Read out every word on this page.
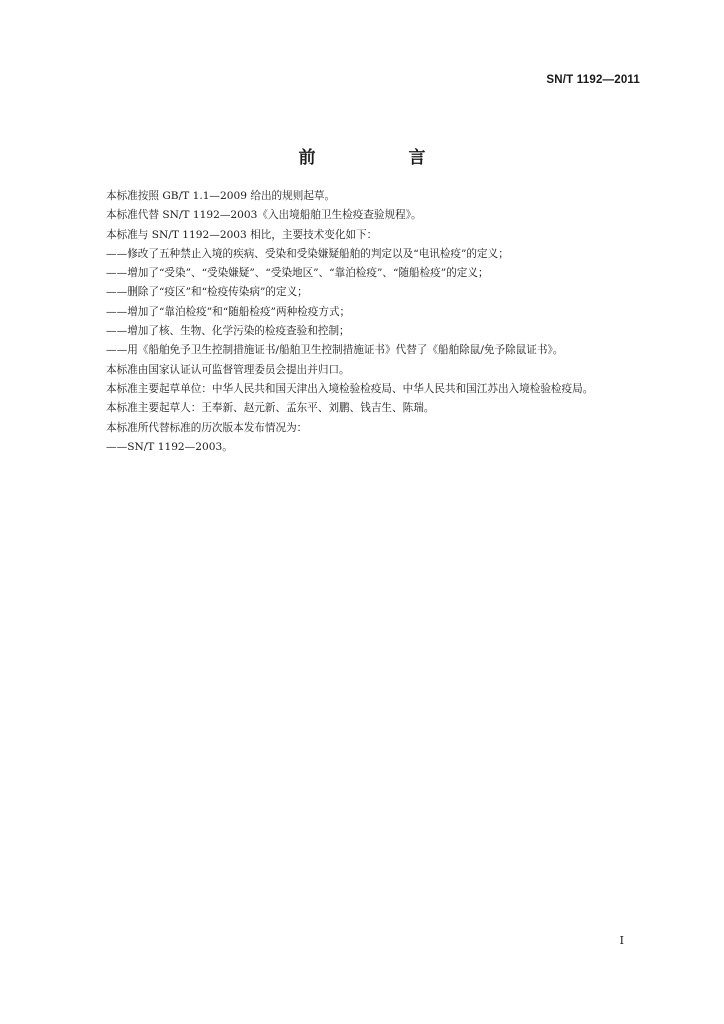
SN/T 1192—2011
前　言

本标准按照 GB/T 1.1—2009 给出的规则起草。

本标准代替 SN/T 1192—2003《入出境船舶卫生检疫查验规程》。

本标准与 SN/T 1192—2003 相比，主要技术变化如下：

——修改了五种禁止入境的疾病、受染和受染嫌疑船舶的判定以及“电讯检疫”的定义；

——增加了“受染”、“受染嫌疑”、“受染地区”、“靠泊检疫”、“随船检疫”的定义；

——删除了“疫区”和“检疫传染病”的定义；

——增加了“靠泊检疫”和“随船检疫”两种检疫方式；

——增加了核、生物、化学污染的检疫查验和控制；

——用《船舶免予卫生控制措施证书/船舶卫生控制措施证书》代替了《船舶除鼠/免予除鼠证书》。

本标准由国家认证认可监督管理委员会提出并归口。

本标准主要起草单位：中华人民共和国天津出入境检验检疫局、中华人民共和国江苏出入境检验检疫局。

本标准主要起草人：王奉新、赵元新、孟东平、刘鹏、钱吉生、陈瑞。

本标准所代替标准的历次版本发布情况为：

——SN/T 1192—2003。

I
